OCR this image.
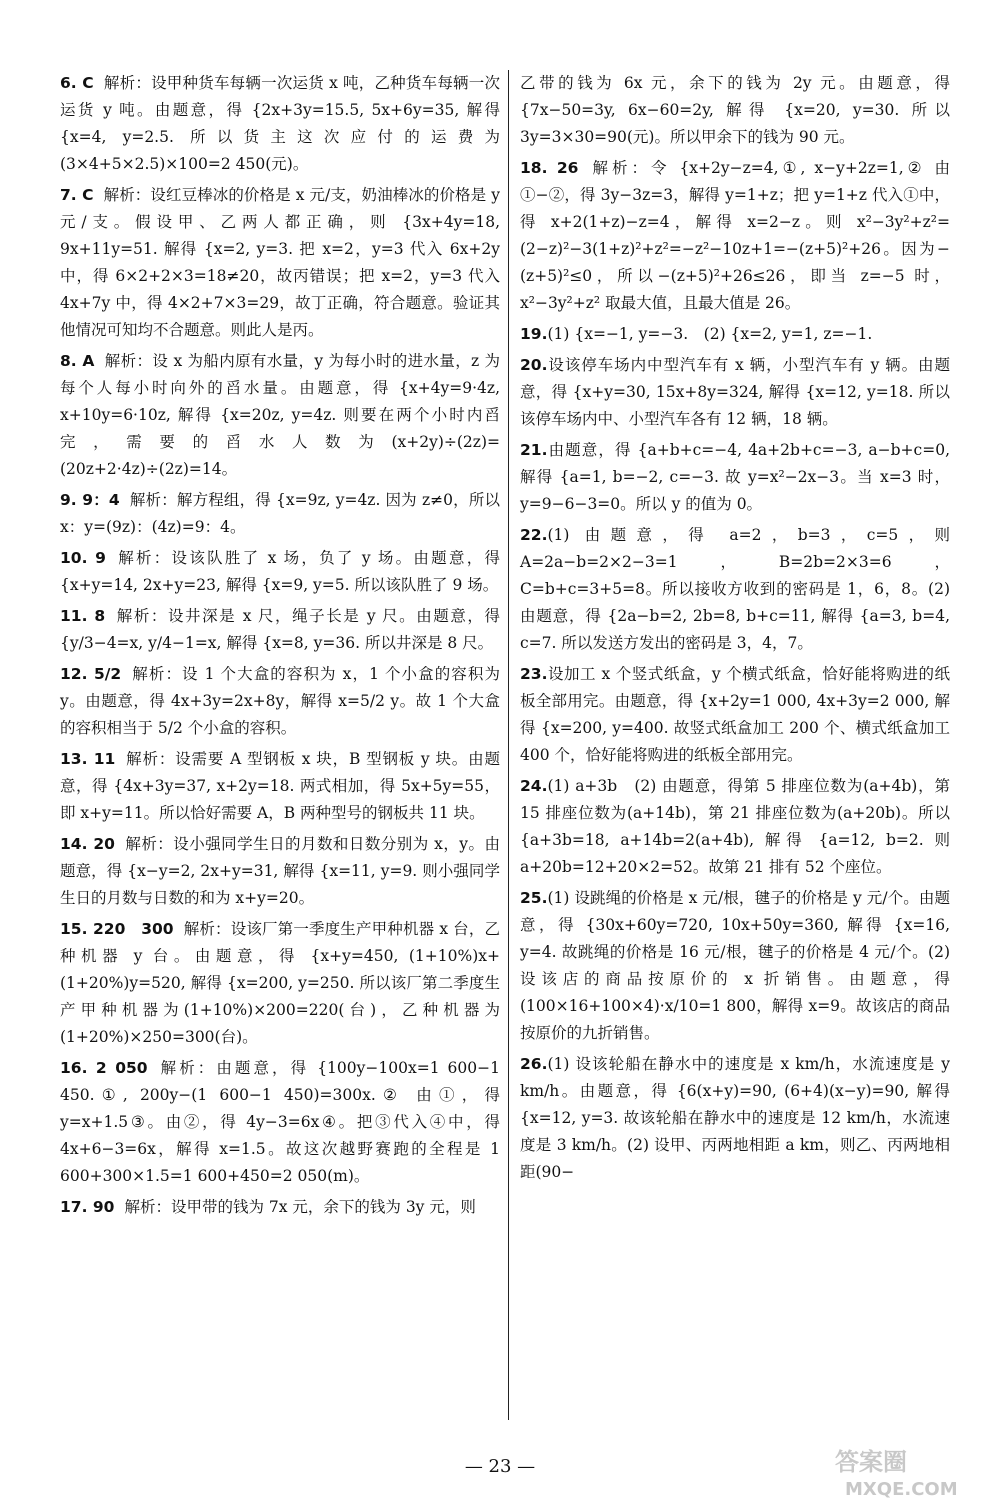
6. C 解析：设甲种货车每辆一次运货 x 吨，乙种货车每辆一次运货 y 吨。由题意，得 {2x+3y=15.5, 5x+6y=35, 解得 {x=4, y=2.5. 所以货主这次应付的运费为(3×4+5×2.5)×100=2 450(元)。
7. C 解析：设红豆棒冰的价格是 x 元/支，奶油棒冰的价格是 y 元/支。假设甲、乙两人都正确，则 {3x+4y=18, 9x+11y=51. 解得 {x=2, y=3. 把 x=2，y=3 代入 6x+2y 中，得 6×2+2×3=18≠20，故丙错误；把 x=2，y=3 代入 4x+7y 中，得 4×2+7×3=29，故丁正确，符合题意。验证其他情况可知均不合题意。则此人是丙。
8. A 解析：设 x 为船内原有水量，y 为每小时的进水量，z 为每个人每小时向外的舀水量。由题意，得 {x+4y=9·4z, x+10y=6·10z, 解得 {x=20z, y=4z. 则要在两个小时内舀完，需要的舀水人数为(x+2y)÷(2z)=(20z+2·4z)÷(2z)=14。
9. 9：4 解析：解方程组，得 {x=9z, y=4z. 因为 z≠0，所以 x：y=(9z)：(4z)=9：4。
10. 9 解析：设该队胜了 x 场，负了 y 场。由题意，得 {x+y=14, 2x+y=23, 解得 {x=9, y=5. 所以该队胜了 9 场。
11. 8 解析：设井深是 x 尺，绳子长是 y 尺。由题意，得 {y/3−4=x, y/4−1=x, 解得 {x=8, y=36. 所以井深是 8 尺。
12. 5/2 解析：设 1 个大盒的容积为 x，1 个小盒的容积为 y。由题意，得 4x+3y=2x+8y，解得 x=5/2 y。故 1 个大盒的容积相当于 5/2 个小盒的容积。
13. 11 解析：设需要 A 型钢板 x 块，B 型钢板 y 块。由题意，得 {4x+3y=37, x+2y=18. 两式相加，得 5x+5y=55，即 x+y=11。所以恰好需要 A，B 两种型号的钢板共 11 块。
14. 20 解析：设小强同学生日的月数和日数分别为 x，y。由题意，得 {x−y=2, 2x+y=31, 解得 {x=11, y=9. 则小强同学生日的月数与日数的和为 x+y=20。
15. 220　300 解析：设该厂第一季度生产甲种机器 x 台，乙种机器 y 台。由题意，得 {x+y=450, (1+10%)x+(1+20%)y=520, 解得 {x=200, y=250. 所以该厂第二季度生产甲种机器为(1+10%)×200=220(台)，乙种机器为(1+20%)×250=300(台)。
16. 2 050 解析：由题意，得 {100y−100x=1 600−1 450.①, 200y−(1 600−1 450)=300x.② 由①，得 y=x+1.5③。由②，得 4y−3=6x④。把③代入④中，得 4x+6−3=6x，解得 x=1.5。故这次越野赛跑的全程是 1 600+300×1.5=1 600+450=2 050(m)。
17. 90 解析：设甲带的钱为 7x 元，余下的钱为 3y 元，则
乙带的钱为 6x 元，余下的钱为 2y 元。由题意，得 {7x−50=3y, 6x−60=2y, 解得 {x=20, y=30. 所以 3y=3×30=90(元)。所以甲余下的钱为 90 元。
18. 26 解析：令 {x+2y−z=4,①, x−y+2z=1,② 由①−②，得 3y−3z=3，解得 y=1+z；把 y=1+z 代入①中，得 x+2(1+z)−z=4，解得 x=2−z。则 x²−3y²+z²=(2−z)²−3(1+z)²+z²=−z²−10z+1=−(z+5)²+26。因为−(z+5)²≤0，所以−(z+5)²+26≤26，即当 z=−5 时，x²−3y²+z² 取最大值，且最大值是 26。
19.(1) {x=−1, y=−3.　(2) {x=2, y=1, z=−1.
20.设该停车场内中型汽车有 x 辆，小型汽车有 y 辆。由题意，得 {x+y=30, 15x+8y=324, 解得 {x=12, y=18. 所以该停车场内中、小型汽车各有 12 辆，18 辆。
21.由题意，得 {a+b+c=−4, 4a+2b+c=−3, a−b+c=0, 解得 {a=1, b=−2, c=−3. 故 y=x²−2x−3。当 x=3 时，y=9−6−3=0。所以 y 的值为 0。
22.(1) 由题意，得 a=2，b=3，c=5，则 A=2a−b=2×2−3=1，B=2b=2×3=6，C=b+c=3+5=8。所以接收方收到的密码是 1，6，8。(2) 由题意，得 {2a−b=2, 2b=8, b+c=11, 解得 {a=3, b=4, c=7. 所以发送方发出的密码是 3，4，7。
23.设加工 x 个竖式纸盒，y 个横式纸盒，恰好能将购进的纸板全部用完。由题意，得 {x+2y=1 000, 4x+3y=2 000, 解得 {x=200, y=400. 故竖式纸盒加工 200 个、横式纸盒加工 400 个，恰好能将购进的纸板全部用完。
24.(1) a+3b　(2) 由题意，得第 5 排座位数为(a+4b)，第 15 排座位数为(a+14b)，第 21 排座位数为(a+20b)。所以 {a+3b=18, a+14b=2(a+4b), 解得 {a=12, b=2. 则 a+20b=12+20×2=52。故第 21 排有 52 个座位。
25.(1) 设跳绳的价格是 x 元/根，毽子的价格是 y 元/个。由题意，得 {30x+60y=720, 10x+50y=360, 解得 {x=16, y=4. 故跳绳的价格是 16 元/根，毽子的价格是 4 元/个。(2) 设该店的商品按原价的 x 折销售。由题意，得(100×16+100×4)·x/10=1 800，解得 x=9。故该店的商品按原价的九折销售。
26.(1) 设该轮船在静水中的速度是 x km/h，水流速度是 y km/h。由题意，得 {6(x+y)=90, (6+4)(x−y)=90, 解得 {x=12, y=3. 故该轮船在静水中的速度是 12 km/h，水流速度是 3 km/h。(2) 设甲、丙两地相距 a km，则乙、丙两地相距(90−
— 23 —	答案圈
MXQE.COM
